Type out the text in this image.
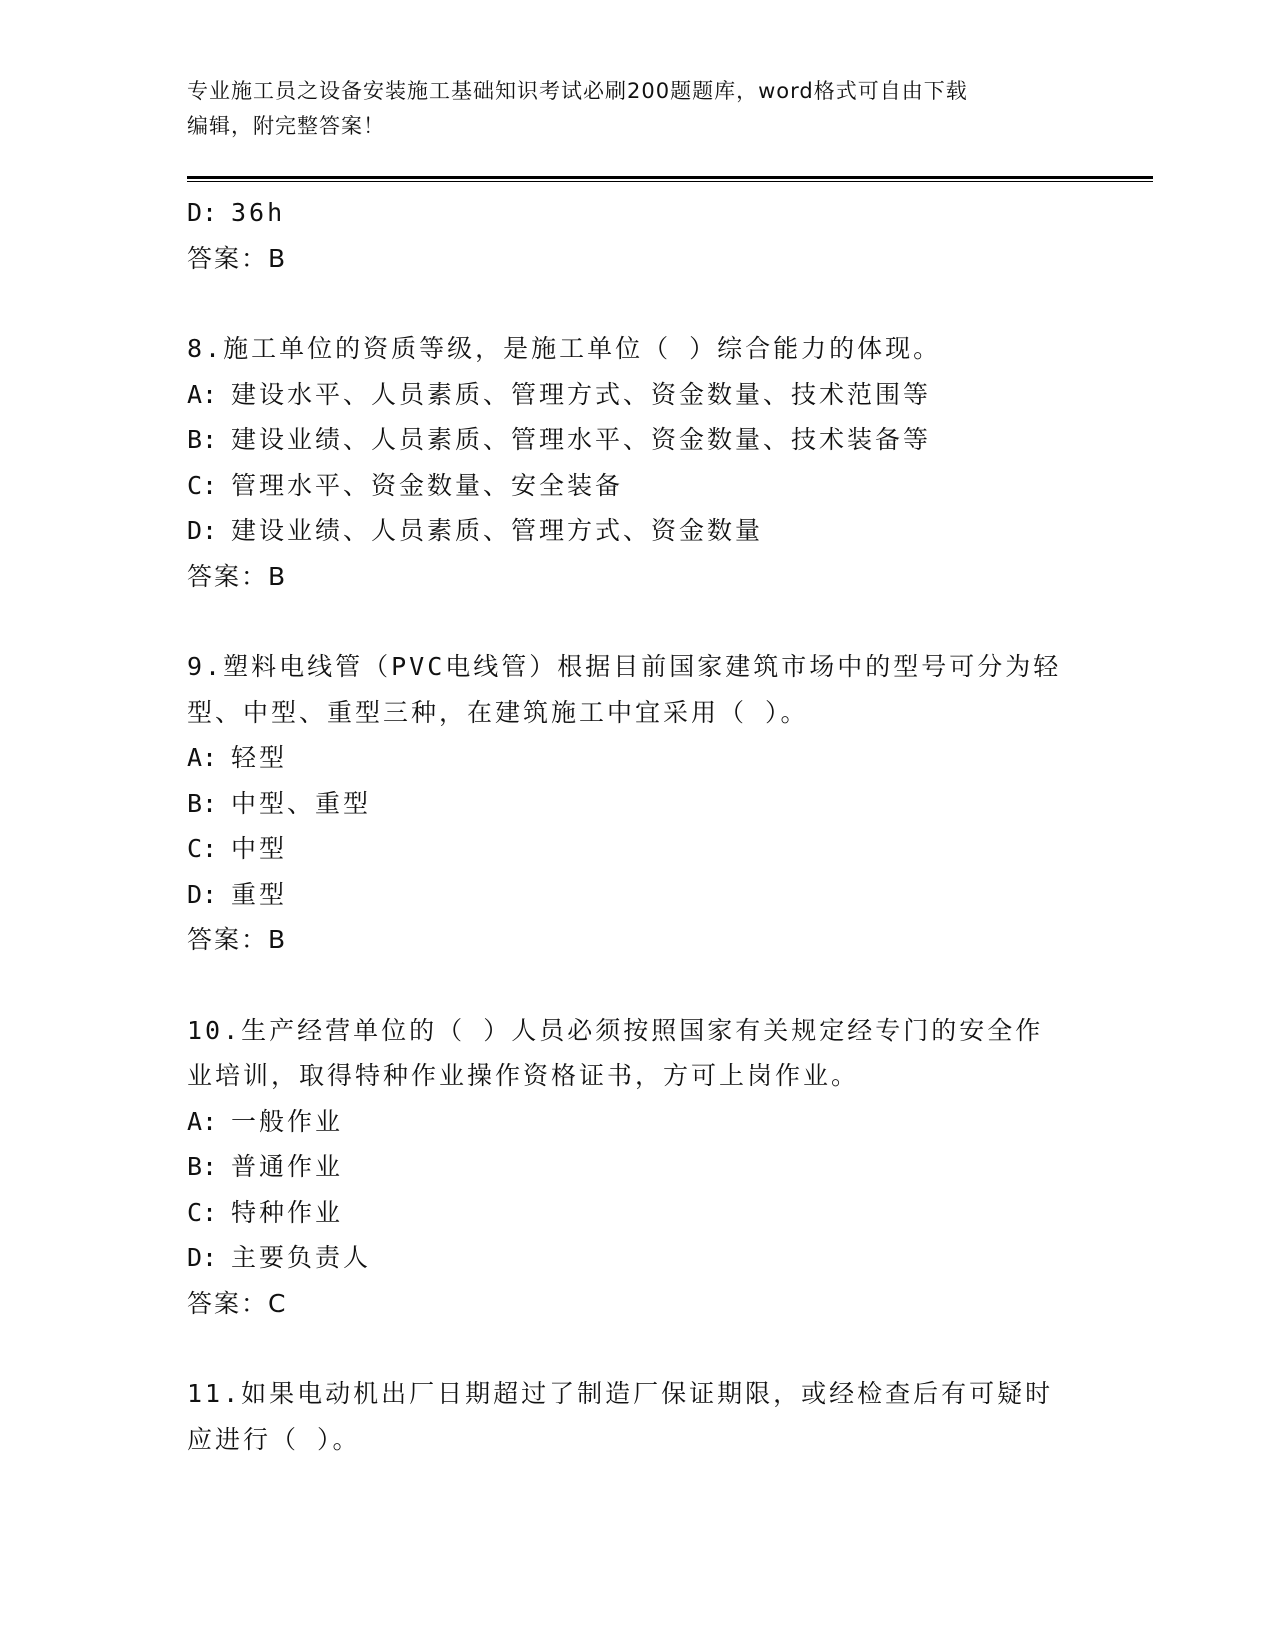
专业施工员之设备安装施工基础知识考试必刷200题题库，word格式可自由下载
编辑，附完整答案！
D: 36h
答案：B
8.施工单位的资质等级，是施工单位（ ）综合能力的体现。
A: 建设水平、人员素质、管理方式、资金数量、技术范围等
B: 建设业绩、人员素质、管理水平、资金数量、技术装备等
C: 管理水平、资金数量、安全装备
D: 建设业绩、人员素质、管理方式、资金数量
答案：B
9.塑料电线管（PVC电线管）根据目前国家建筑市场中的型号可分为轻
型、中型、重型三种，在建筑施工中宜采用（ ）。
A: 轻型
B: 中型、重型
C: 中型
D: 重型
答案：B
10.生产经营单位的（ ）人员必须按照国家有关规定经专门的安全作
业培训，取得特种作业操作资格证书，方可上岗作业。
A: 一般作业
B: 普通作业
C: 特种作业
D: 主要负责人
答案：C
11.如果电动机出厂日期超过了制造厂保证期限，或经检查后有可疑时
应进行（ ）。
